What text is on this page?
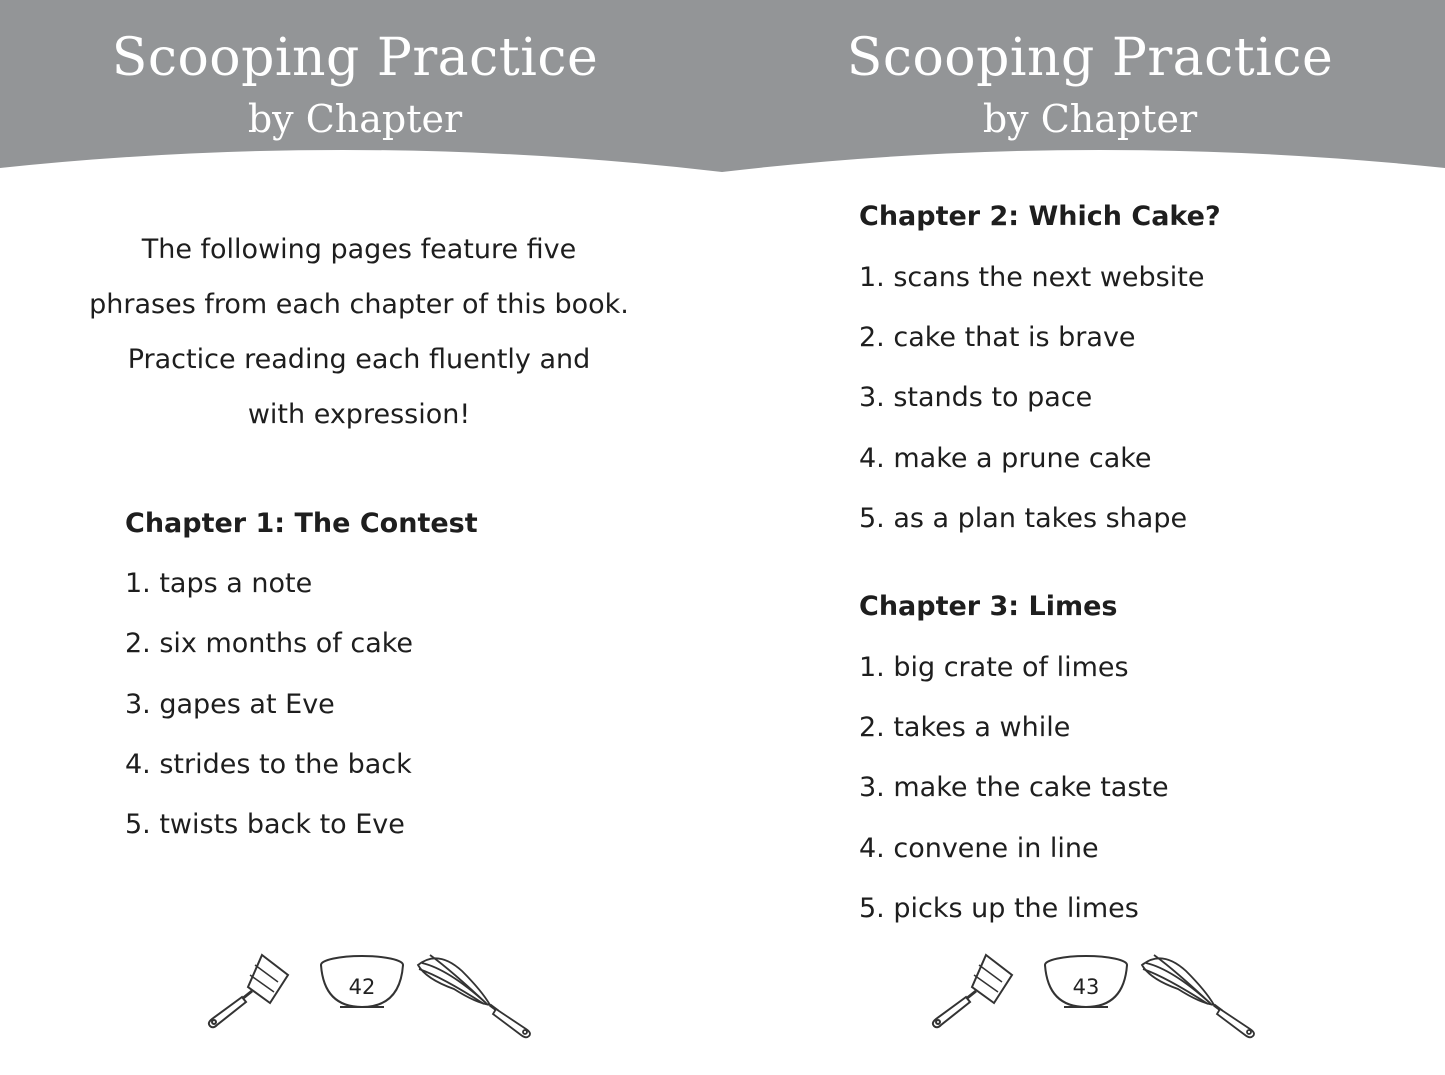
Scooping Practice
by Chapter
The following pages feature five
phrases from each chapter of this book.
Practice reading each fluently and
with expression!
Chapter 1: The Contest
1. taps a note
2. six months of cake
3. gapes at Eve
4. strides to the back
5. twists back to Eve
42
Scooping Practice
by Chapter
Chapter 2: Which Cake?
1. scans the next website
2. cake that is brave
3. stands to pace
4. make a prune cake
5. as a plan takes shape
Chapter 3: Limes
1. big crate of limes
2. takes a while
3. make the cake taste
4. convene in line
5. picks up the limes
43
